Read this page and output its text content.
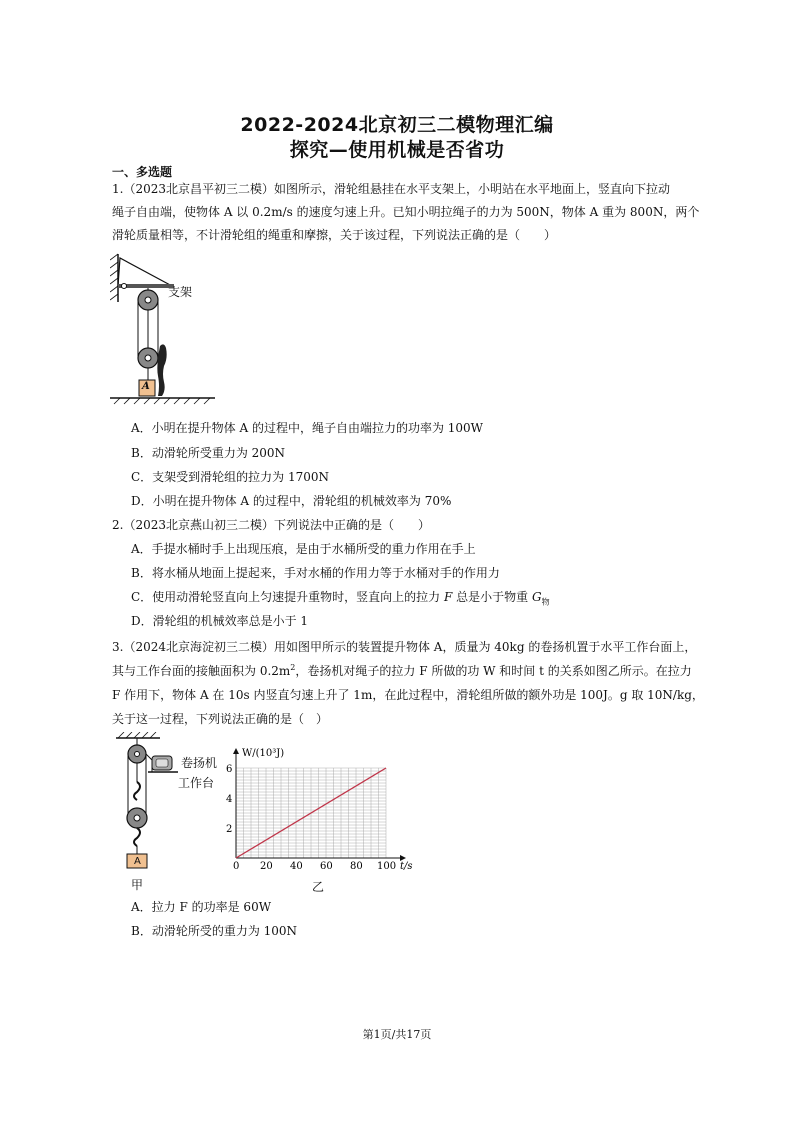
2022-2024北京初三二模物理汇编
探究—使用机械是否省功
一、多选题
1.（2023北京昌平初三二模）如图所示，滑轮组悬挂在水平支架上，小明站在水平地面上，竖直向下拉动
绳子自由端，使物体 A 以 0.2m/s 的速度匀速上升。已知小明拉绳子的力为 500N，物体 A 重为 800N，两个
滑轮质量相等，不计滑轮组的绳重和摩擦，关于该过程，下列说法正确的是（　　）
支架
A
A．小明在提升物体 A 的过程中，绳子自由端拉力的功率为 100W
B．动滑轮所受重力为 200N
C．支架受到滑轮组的拉力为 1700N
D．小明在提升物体 A 的过程中，滑轮组的机械效率为 70%
2.（2023北京燕山初三二模）下列说法中正确的是（　　）
A．手提水桶时手上出现压痕，是由于水桶所受的重力作用在手上
B．将水桶从地面上提起来，手对水桶的作用力等于水桶对手的作用力
C．使用动滑轮竖直向上匀速提升重物时，竖直向上的拉力 F 总是小于物重 $G_物$
D．滑轮组的机械效率总是小于 1
3.（2024北京海淀初三二模）用如图甲所示的装置提升物体 A，质量为 40kg 的卷扬机置于水平工作台面上，
其与工作台面的接触面积为 $0.2m^2$，卷扬机对绳子的拉力 F 所做的功 W 和时间 t 的关系如图乙所示。在拉力
F 作用下，物体 A 在 10s 内竖直匀速上升了 1m，在此过程中，滑轮组所做的额外功是 100J。g 取 10N/kg，
关于这一过程，下列说法正确的是（　）
卷扬机
工作台
A
甲
W/(10³J)
t/s
0 20 40 60 80 100
2
4
6
乙
A．拉力 F 的功率是 60W
B．动滑轮所受的重力为 100N
第1页/共17页
